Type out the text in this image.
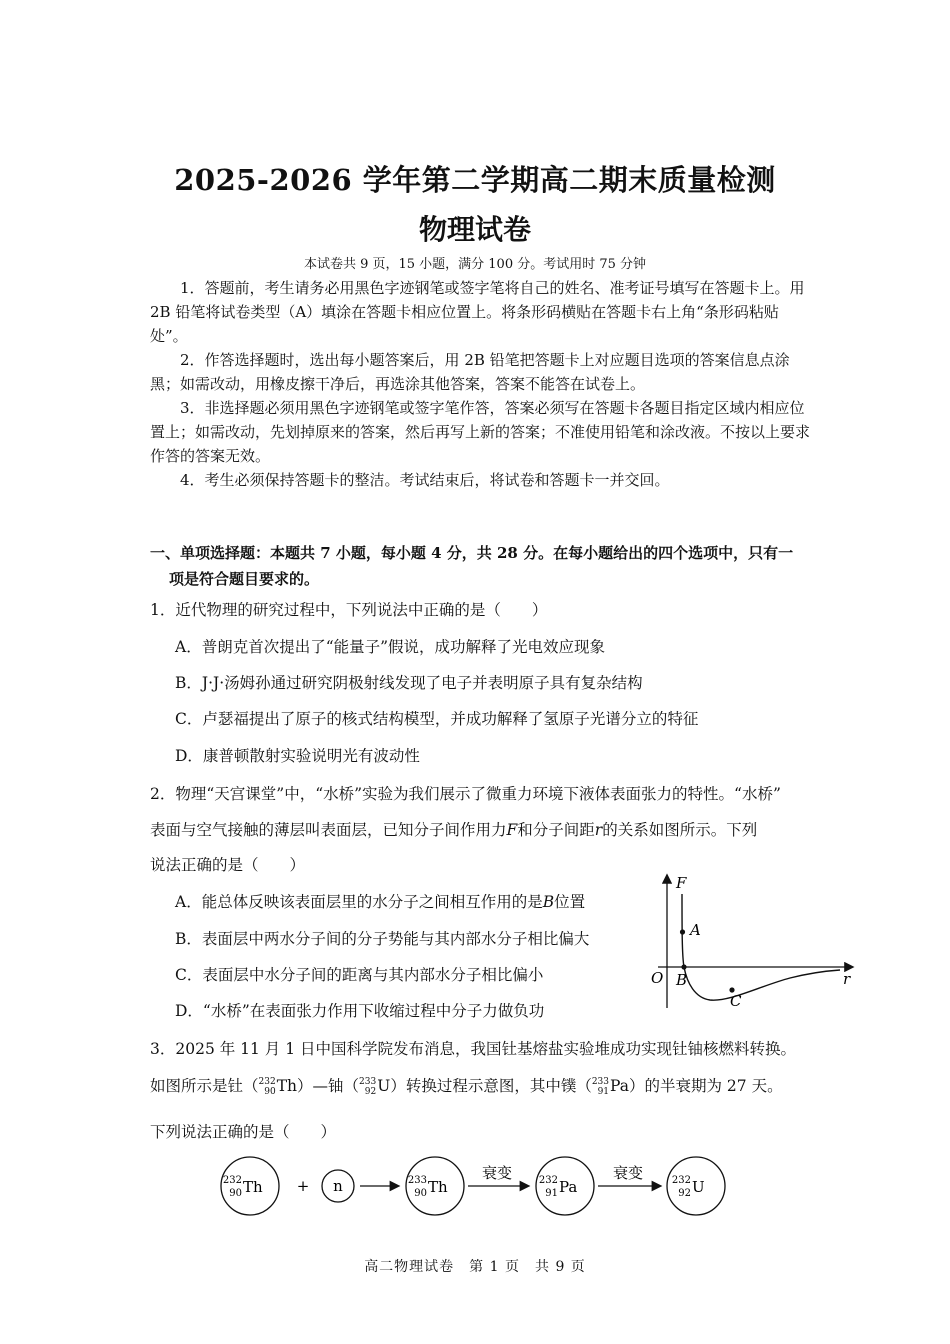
2025-2026 学年第二学期高二期末质量检测
物理试卷
本试卷共 9 页，15 小题，满分 100 分。考试用时 75 分钟

1．答题前，考生请务必用黑色字迹钢笔或签字笔将自己的姓名、准考证号填写在答题卡上。用 2B 铅笔将试卷类型（A）填涂在答题卡相应位置上。将条形码横贴在答题卡右上角“条形码粘贴处”。

2．作答选择题时，选出每小题答案后，用 2B 铅笔把答题卡上对应题目选项的答案信息点涂黑；如需改动，用橡皮擦干净后，再选涂其他答案，答案不能答在试卷上。

3．非选择题必须用黑色字迹钢笔或签字笔作答，答案必须写在答题卡各题目指定区域内相应位置上；如需改动，先划掉原来的答案，然后再写上新的答案；不准使用铅笔和涂改液。不按以上要求作答的答案无效。

4．考生必须保持答题卡的整洁。考试结束后，将试卷和答题卡一并交回。

一、单项选择题：本题共 7 小题，每小题 4 分，共 28 分。在每小题给出的四个选项中，只有一
项是符合题目要求的。
1．近代物理的研究过程中，下列说法中正确的是（　　）
A．普朗克首次提出了“能量子”假说，成功解释了光电效应现象
B．J·J·汤姆孙通过研究阴极射线发现了电子并表明原子具有复杂结构
C．卢瑟福提出了原子的核式结构模型，并成功解释了氢原子光谱分立的特征
D．康普顿散射实验说明光有波动性
2．物理“天宫课堂”中，“水桥”实验为我们展示了微重力环境下液体表面张力的特性。“水桥”
表面与空气接触的薄层叫表面层，已知分子间作用力F和分子间距r的关系如图所示。下列
说法正确的是（　　）
A．能总体反映该表面层里的水分子之间相互作用的是B位置
B．表面层中两水分子间的分子势能与其内部水分子相比偏大
C．表面层中水分子间的距离与其内部水分子相比偏小
D．“水桥”在表面张力作用下收缩过程中分子力做负功
F
r
O
A
B
C
3．2025 年 11 月 1 日中国科学院发布消息，我国钍基熔盐实验堆成功实现钍铀核燃料转换。
如图所示是钍（ 232
90 Th）—铀（ 233
92 U）转换过程示意图，其中镤（ 233
91 Pa）的半衰期为 27 天。
下列说法正确的是（　　）
232
90 Th + n	233
90 Th
衰变	232
91 Pa
衰变	232
92 U
高二物理试卷　第 1 页　共 9 页
